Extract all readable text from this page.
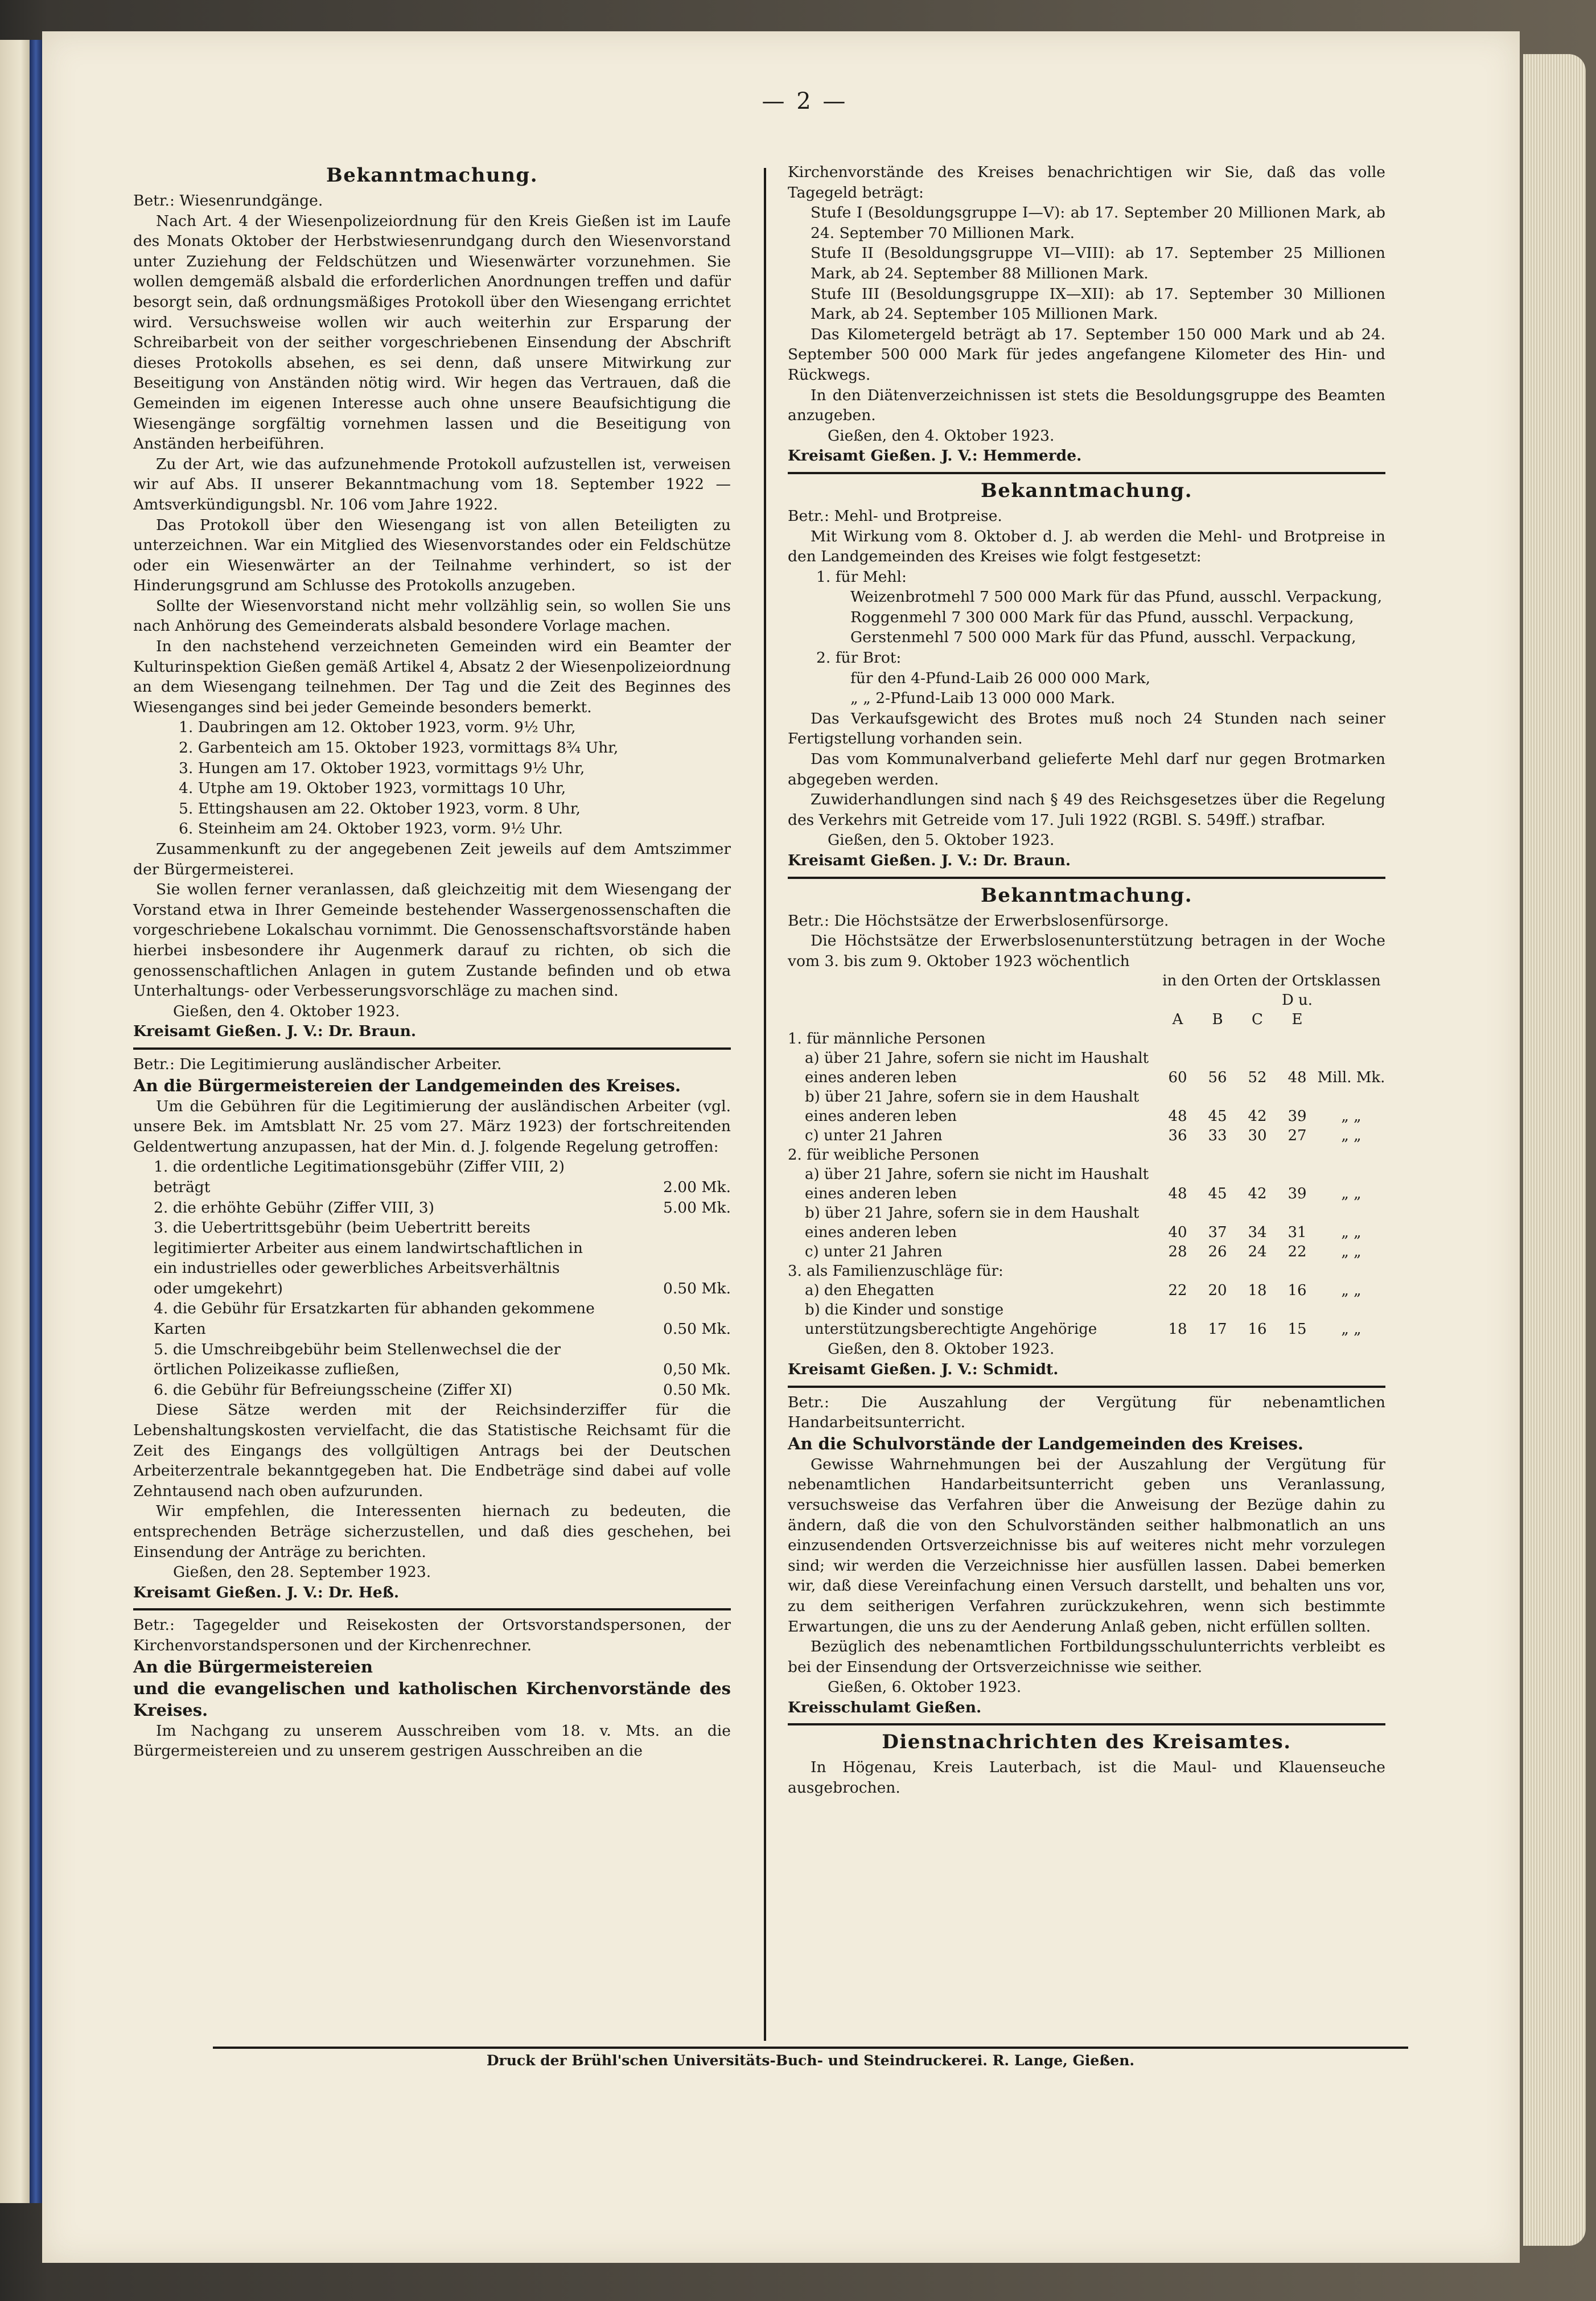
— 2 —
Bekanntmachung.

Betr.: Wiesenrundgänge.

Nach Art. 4 der Wiesenpolizeiordnung für den Kreis Gießen ist im Laufe des Monats Oktober der Herbstwiesenrundgang durch den Wiesenvorstand unter Zuziehung der Feldschützen und Wiesenwärter vorzunehmen. Sie wollen demgemäß alsbald die erforderlichen Anordnungen treffen und dafür besorgt sein, daß ordnungsmäßiges Protokoll über den Wiesengang errichtet wird. Versuchsweise wollen wir auch weiterhin zur Ersparung der Schreibarbeit von der seither vorgeschriebenen Einsendung der Abschrift dieses Protokolls absehen, es sei denn, daß unsere Mitwirkung zur Beseitigung von Anständen nötig wird. Wir hegen das Vertrauen, daß die Gemeinden im eigenen Interesse auch ohne unsere Beaufsichtigung die Wiesengänge sorgfältig vornehmen lassen und die Beseitigung von Anständen herbeiführen.

Zu der Art, wie das aufzunehmende Protokoll aufzustellen ist, verweisen wir auf Abs. II unserer Bekanntmachung vom 18. September 1922 — Amtsverkündigungsbl. Nr. 106 vom Jahre 1922.

Das Protokoll über den Wiesengang ist von allen Beteiligten zu unterzeichnen. War ein Mitglied des Wiesenvorstandes oder ein Feldschütze oder ein Wiesenwärter an der Teilnahme verhindert, so ist der Hinderungsgrund am Schlusse des Protokolls anzugeben.

Sollte der Wiesenvorstand nicht mehr vollzählig sein, so wollen Sie uns nach Anhörung des Gemeinderats alsbald besondere Vorlage machen.

In den nachstehend verzeichneten Gemeinden wird ein Beamter der Kulturinspektion Gießen gemäß Artikel 4, Absatz 2 der Wiesenpolizeiordnung an dem Wiesengang teilnehmen. Der Tag und die Zeit des Beginnes des Wiesenganges sind bei jeder Gemeinde besonders bemerkt.

1. Daubringen am 12. Oktober 1923, vorm. 9½ Uhr,
2. Garbenteich am 15. Oktober 1923, vormittags 8¾ Uhr,
3. Hungen am 17. Oktober 1923, vormittags 9½ Uhr,
4. Utphe am 19. Oktober 1923, vormittags 10 Uhr,
5. Ettingshausen am 22. Oktober 1923, vorm. 8 Uhr,
6. Steinheim am 24. Oktober 1923, vorm. 9½ Uhr.

Zusammenkunft zu der angegebenen Zeit jeweils auf dem Amtszimmer der Bürgermeisterei.

Sie wollen ferner veranlassen, daß gleichzeitig mit dem Wiesengang der Vorstand etwa in Ihrer Gemeinde bestehender Wassergenossenschaften die vorgeschriebene Lokalschau vornimmt. Die Genossenschaftsvorstände haben hierbei insbesondere ihr Augenmerk darauf zu richten, ob sich die genossenschaftlichen Anlagen in gutem Zustande befinden und ob etwa Unterhaltungs- oder Verbesserungsvorschläge zu machen sind.

Gießen, den 4. Oktober 1923.

Kreisamt Gießen. J. V.: Dr. Braun.

Betr.: Die Legitimierung ausländischer Arbeiter.

An die Bürgermeistereien der Landgemeinden des Kreises.

Um die Gebühren für die Legitimierung der ausländischen Arbeiter (vgl. unsere Bek. im Amtsblatt Nr. 25 vom 27. März 1923) der fortschreitenden Geldentwertung anzupassen, hat der Min. d. J. folgende Regelung getroffen:

1. die ordentliche Legitimationsgebühr (Ziffer VIII, 2) beträgt	2.00 Mk.
2. die erhöhte Gebühr (Ziffer VIII, 3)	5.00 Mk.
3. die Uebertrittsgebühr (beim Uebertritt bereits legitimierter Arbeiter aus einem landwirtschaftlichen in ein industrielles oder gewerbliches Arbeitsverhältnis oder umgekehrt)	0.50 Mk.
4. die Gebühr für Ersatzkarten für abhanden gekommene Karten	0.50 Mk.
5. die Umschreibgebühr beim Stellenwechsel die der örtlichen Polizeikasse zufließen,	0,50 Mk.
6. die Gebühr für Befreiungsscheine (Ziffer XI)	0.50 Mk.

Diese Sätze werden mit der Reichsinderziffer für die Lebenshaltungskosten vervielfacht, die das Statistische Reichsamt für die Zeit des Eingangs des vollgültigen Antrags bei der Deutschen Arbeiterzentrale bekanntgegeben hat. Die Endbeträge sind dabei auf volle Zehntausend nach oben aufzurunden.

Wir empfehlen, die Interessenten hiernach zu bedeuten, die entsprechenden Beträge sicherzustellen, und daß dies geschehen, bei Einsendung der Anträge zu berichten.

Gießen, den 28. September 1923.

Kreisamt Gießen. J. V.: Dr. Heß.

Betr.: Tagegelder und Reisekosten der Ortsvorstandspersonen, der Kirchenvorstandspersonen und der Kirchenrechner.

An die Bürgermeistereien

und die evangelischen und katholischen Kirchenvorstände des Kreises.

Im Nachgang zu unserem Ausschreiben vom 18. v. Mts. an die Bürgermeistereien und zu unserem gestrigen Ausschreiben an die

Kirchenvorstände des Kreises benachrichtigen wir Sie, daß das volle Tagegeld beträgt:

Stufe I (Besoldungsgruppe I—V): ab 17. September 20 Millionen Mark, ab 24. September 70 Millionen Mark.

Stufe II (Besoldungsgruppe VI—VIII): ab 17. September 25 Millionen Mark, ab 24. September 88 Millionen Mark.

Stufe III (Besoldungsgruppe IX—XII): ab 17. September 30 Millionen Mark, ab 24. September 105 Millionen Mark.

Das Kilometergeld beträgt ab 17. September 150 000 Mark und ab 24. September 500 000 Mark für jedes angefangene Kilometer des Hin- und Rückwegs.

In den Diätenverzeichnissen ist stets die Besoldungsgruppe des Beamten anzugeben.

Gießen, den 4. Oktober 1923.

Kreisamt Gießen. J. V.: Hemmerde.

Bekanntmachung.

Betr.: Mehl- und Brotpreise.

Mit Wirkung vom 8. Oktober d. J. ab werden die Mehl- und Brotpreise in den Landgemeinden des Kreises wie folgt festgesetzt:

1. für Mehl:

Weizenbrotmehl 7 500 000 Mark für das Pfund, ausschl. Verpackung,

Roggenmehl 7 300 000 Mark für das Pfund, ausschl. Verpackung,

Gerstenmehl 7 500 000 Mark für das Pfund, ausschl. Verpackung,

2. für Brot:

für den 4-Pfund-Laib 26 000 000 Mark,

„ „ 2-Pfund-Laib 13 000 000 Mark.

Das Verkaufsgewicht des Brotes muß noch 24 Stunden nach seiner Fertigstellung vorhanden sein.

Das vom Kommunalverband gelieferte Mehl darf nur gegen Brotmarken abgegeben werden.

Zuwiderhandlungen sind nach § 49 des Reichsgesetzes über die Regelung des Verkehrs mit Getreide vom 17. Juli 1922 (RGBl. S. 549ff.) strafbar.

Gießen, den 5. Oktober 1923.

Kreisamt Gießen. J. V.: Dr. Braun.

Bekanntmachung.

Betr.: Die Höchstsätze der Erwerbslosenfürsorge.

Die Höchstsätze der Erwerbslosenunterstützung betragen in der Woche vom 3. bis zum 9. Oktober 1923 wöchentlich

	in den Orten der Ortsklassen				
	A	B	C	D u. E	
1. für männliche Personen					
a) über 21 Jahre, sofern sie nicht im Haushalt eines anderen leben	60	56	52	48	Mill. Mk.
b) über 21 Jahre, sofern sie in dem Haushalt eines anderen leben	48	45	42	39	„ „
c) unter 21 Jahren	36	33	30	27	„ „
2. für weibliche Personen					
a) über 21 Jahre, sofern sie nicht im Haushalt eines anderen leben	48	45	42	39	„ „
b) über 21 Jahre, sofern sie in dem Haushalt eines anderen leben	40	37	34	31	„ „
c) unter 21 Jahren	28	26	24	22	„ „
3. als Familienzuschläge für:					
a) den Ehegatten	22	20	18	16	„ „
b) die Kinder und sonstige unterstützungsberechtigte Angehörige	18	17	16	15	„ „

Gießen, den 8. Oktober 1923.

Kreisamt Gießen. J. V.: Schmidt.

Betr.: Die Auszahlung der Vergütung für nebenamtlichen Handarbeitsunterricht.

An die Schulvorstände der Landgemeinden des Kreises.

Gewisse Wahrnehmungen bei der Auszahlung der Vergütung für nebenamtlichen Handarbeitsunterricht geben uns Veranlassung, versuchsweise das Verfahren über die Anweisung der Bezüge dahin zu ändern, daß die von den Schulvorständen seither halbmonatlich an uns einzusendenden Ortsverzeichnisse bis auf weiteres nicht mehr vorzulegen sind; wir werden die Verzeichnisse hier ausfüllen lassen. Dabei bemerken wir, daß diese Vereinfachung einen Versuch darstellt, und behalten uns vor, zu dem seitherigen Verfahren zurückzukehren, wenn sich bestimmte Erwartungen, die uns zu der Aenderung Anlaß geben, nicht erfüllen sollten.

Bezüglich des nebenamtlichen Fortbildungsschulunterrichts verbleibt es bei der Einsendung der Ortsverzeichnisse wie seither.

Gießen, 6. Oktober 1923.

Kreisschulamt Gießen.

Dienstnachrichten des Kreisamtes.

In Högenau, Kreis Lauterbach, ist die Maul- und Klauenseuche ausgebrochen.

Druck der Brühl'schen Universitäts-Buch- und Steindruckerei. R. Lange, Gießen.
